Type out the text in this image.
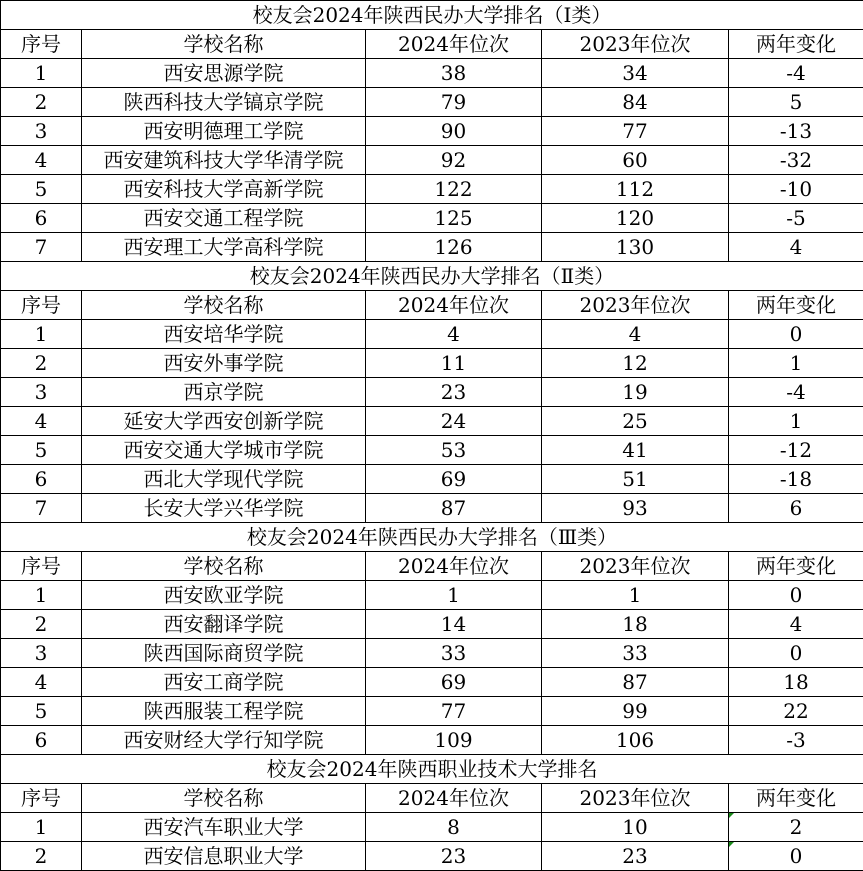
校友会2024年陕西民办大学排名（Ⅰ类）				
序号	学校名称	2024年位次	2023年位次	两年变化
1	西安思源学院	38	34	-4
2	陕西科技大学镐京学院	79	84	5
3	西安明德理工学院	90	77	-13
4	西安建筑科技大学华清学院	92	60	-32
5	西安科技大学高新学院	122	112	-10
6	西安交通工程学院	125	120	-5
7	西安理工大学高科学院	126	130	4
校友会2024年陕西民办大学排名（Ⅱ类）				
序号	学校名称	2024年位次	2023年位次	两年变化
1	西安培华学院	4	4	0
2	西安外事学院	11	12	1
3	西京学院	23	19	-4
4	延安大学西安创新学院	24	25	1
5	西安交通大学城市学院	53	41	-12
6	西北大学现代学院	69	51	-18
7	长安大学兴华学院	87	93	6
校友会2024年陕西民办大学排名（Ⅲ类）				
序号	学校名称	2024年位次	2023年位次	两年变化
1	西安欧亚学院	1	1	0
2	西安翻译学院	14	18	4
3	陕西国际商贸学院	33	33	0
4	西安工商学院	69	87	18
5	陕西服装工程学院	77	99	22
6	西安财经大学行知学院	109	106	-3
校友会2024年陕西职业技术大学排名				
序号	学校名称	2024年位次	2023年位次	两年变化
1	西安汽车职业大学	8	10	2
2	西安信息职业大学	23	23	0
